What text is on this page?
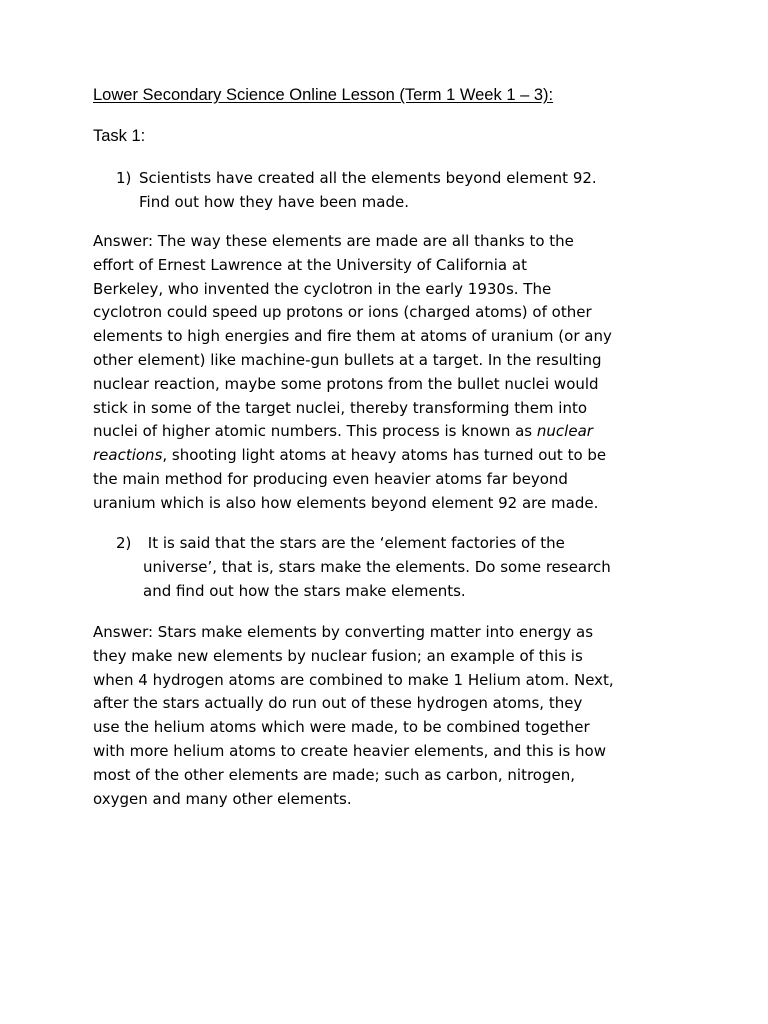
Lower Secondary Science Online Lesson (Term 1 Week 1 – 3):
Task 1:
1) Scientists have created all the elements beyond element 92.
Find out how they have been made.
Answer: The way these elements are made are all thanks to the
effort of Ernest Lawrence at the University of California at
Berkeley, who invented the cyclotron in the early 1930s. The
cyclotron could speed up protons or ions (charged atoms) of other
elements to high energies and fire them at atoms of uranium (or any
other element) like machine-gun bullets at a target. In the resulting
nuclear reaction, maybe some protons from the bullet nuclei would
stick in some of the target nuclei, thereby transforming them into
nuclei of higher atomic numbers. This process is known as nuclear
reactions, shooting light atoms at heavy atoms has turned out to be
the main method for producing even heavier atoms far beyond
uranium which is also how elements beyond element 92 are made.
2) It is said that the stars are the ‘element factories of the
universe’, that is, stars make the elements. Do some research
and find out how the stars make elements.
Answer: Stars make elements by converting matter into energy as
they make new elements by nuclear fusion; an example of this is
when 4 hydrogen atoms are combined to make 1 Helium atom. Next,
after the stars actually do run out of these hydrogen atoms, they
use the helium atoms which were made, to be combined together
with more helium atoms to create heavier elements, and this is how
most of the other elements are made; such as carbon, nitrogen,
oxygen and many other elements.
